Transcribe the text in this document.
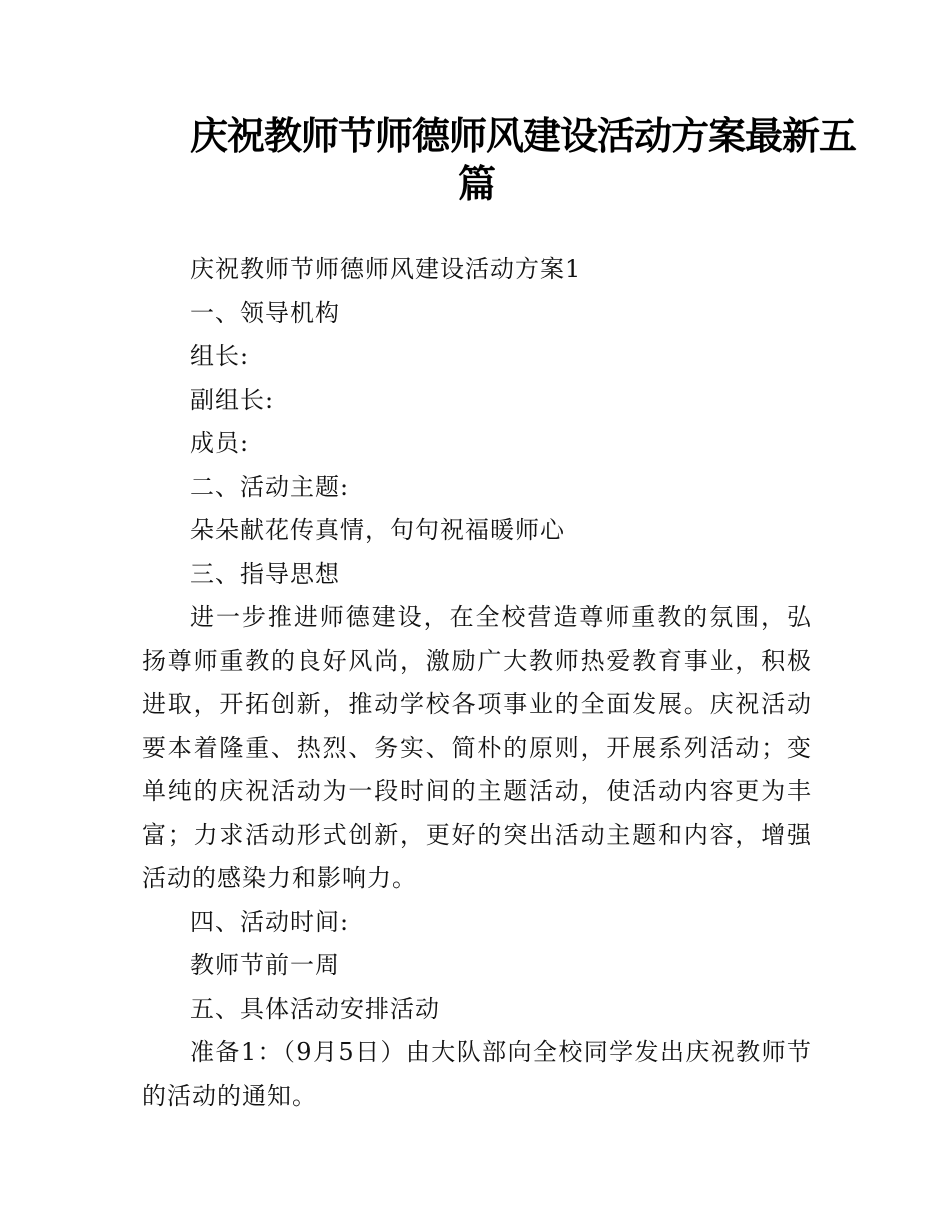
庆祝教师节师德师风建设活动方案最新五
篇

庆祝教师节师德师风建设活动方案1

一、领导机构

组长:

副组长:

成员:

二、活动主题:

朵朵献花传真情，句句祝福暖师心

三、指导思想

进一步推进师德建设，在全校营造尊师重教的氛围，弘扬尊师重教的良好风尚，激励广大教师热爱教育事业，积极进取，开拓创新，推动学校各项事业的全面发展。庆祝活动要本着隆重、热烈、务实、简朴的原则，开展系列活动；变单纯的庆祝活动为一段时间的主题活动，使活动内容更为丰富；力求活动形式创新，更好的突出活动主题和内容，增强活动的感染力和影响力。

四、活动时间:

教师节前一周

五、具体活动安排活动

准备1：（9月5日）由大队部向全校同学发出庆祝教师节的活动的通知。
